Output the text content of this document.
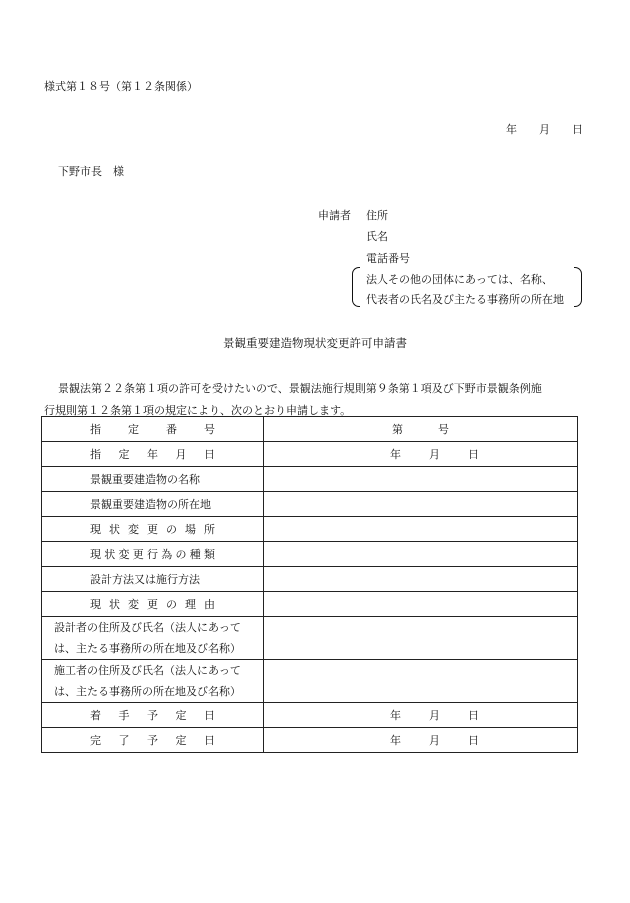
様式第１８号（第１２条関係）
年　　月　　日
下野市長　様
申請者 住所
氏名
電話番号
法人その他の団体にあっては、名称、
代表者の氏名及び主たる事務所の所在地
景観重要建造物現状変更許可申請書
景観法第２２条第１項の許可を受けたいので、景観法施行規則第９条第１項及び下野市景観条例施
行規則第１２条第１項の規定により、次のとおり申請します。
指定番号	第号
指定年月日	年月日
景観重要建造物の名称	
景観重要建造物の所在地	
現状変更の場所	
現状変更行為の種類	
設計方法又は施行方法	
現状変更の理由	

設計者の住所及び氏名（法人にあって
は、主たる事務所の所在地及び名称）	

施工者の住所及び氏名（法人にあって
は、主たる事務所の所在地及び名称）	

着手予定日	年月日
完了予定日	年月日
